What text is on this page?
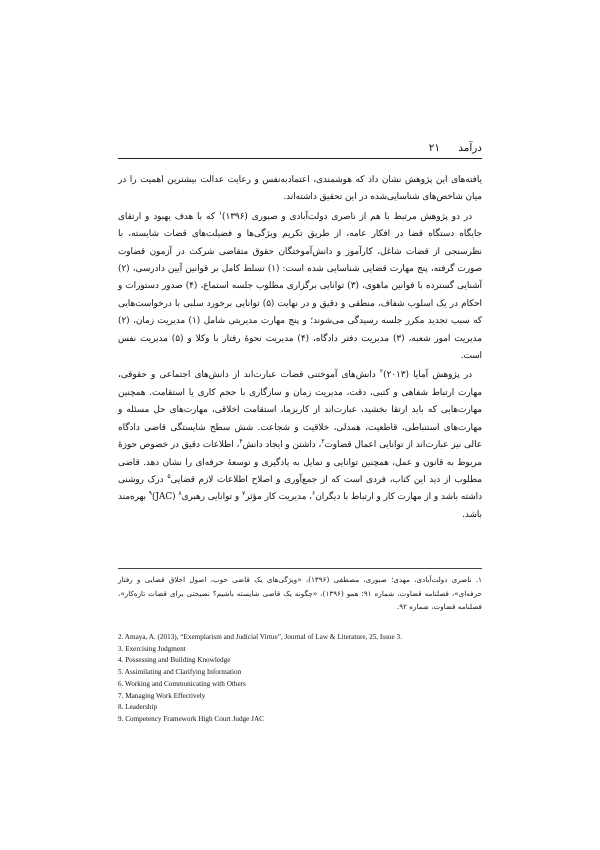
درآمد
۲۱

یافته‌های این پژوهش نشان داد که هوشمندی، اعتمادبه‌نفس و رعایت عدالت بیشترین اهمیت را در میان شاخص‌های شناسایی‌شده در این تحقیق داشته‌اند.

در دو پژوهش مرتبط با هم از ناصری دولت‌آبادی و صبوری (۱۳۹۶)$^۱$ که با هدف بهبود و ارتقای جایگاه دستگاه قضا در افکار عامه، از طریق تکریم ویژگی‌ها و فضیلت‌های قضات شایسته، با نظرسنجی از قضات شاغل، کارآموز و دانش‌آموختگان حقوق متقاضی شرکت در آزمون قضاوت صورت گرفته، پنج مهارت قضایی شناسایی شده است: (۱) تسلط کامل بر قوانین آیین دادرسی، (۲) آشنایی گسترده با قوانین ماهوی، (۳) توانایی برگزاری مطلوب جلسه استماع، (۴) صدور دستورات و احکام در یک اسلوب شفاف، منطقی و دقیق و در نهایت (۵) توانایی برخورد سلبی با درخواست‌هایی که سبب تجدید مکرر جلسه رسیدگی می‌شوند؛ و پنج مهارت مدیریتی شامل (۱) مدیریت زمان، (۲) مدیریت امور شعبه، (۳) مدیریت دفتر دادگاه، (۴) مدیریت نحوهٔ رفتار با وکلا و (۵) مدیریت نفس است.

در پژوهش آمایا (۲۰۱۳)$^۲$ دانش‌های آموختنی قضات عبارت‌اند از دانش‌های اجتماعی و حقوقی، مهارت ارتباط شفاهی و کتبی، دقت، مدیریت زمان و سازگاری با حجم کاری یا استقامت. همچنین مهارت‌هایی که باید ارتقا بخشید، عبارت‌اند از کاریزما، استقامت اخلاقی، مهارت‌های حل مسئله و مهارت‌های استنباطی، قاطعیت، همدلی، خلاقیت و شجاعت. شش سطح شایستگی قاضی دادگاه عالی نیز عبارت‌اند از توانایی اعمال قضاوت$^۳$، داشتن و ایجاد دانش$^۴$، اطلاعات دقیق در خصوص حوزهٔ مربوط به قانون و عمل، همچنین توانایی و تمایل به یادگیری و توسعهٔ حرفه‌ای را نشان دهد. قاضی مطلوب از دید این کتاب، فردی است که از جمع‌آوری و اصلاح اطلاعات لازم قضایی$^۵$ درک روشنی داشته باشد و از مهارت کار و ارتباط با دیگران$^۶$، مدیریت کار مؤثر$^۷$ و توانایی رهبری$^۸$ (JAC)$^۹$ بهره‌مند باشد.

۱. ناصری دولت‌آبادی، مهدی؛ صبوری، مصطفی (۱۳۹۶)، «ویژگی‌های یک قاضی خوب، اصول اخلاق قضایی و رفتار حرفه‌ای»، فصلنامه قضاوت، شماره ۹۱؛ همو (۱۳۹۶)، «چگونه یک قاضی شایسته باشیم؟ نصیحتی برای قضات تازه‌کار»، فصلنامه قضاوت، شماره ۹۲.

2. Amaya, A. (2013), “Exemplarism and Judicial Virtue”, Journal of Law & Literature, 25, Issue 3.

3. Exercising Judgment

4. Possessing and Building Knowledge

5. Assimilating and Clarifying Information

6. Working and Communicating with Others

7. Managing Work Effectively

8. Leadership

9. Competency Framework High Court Judge JAC
